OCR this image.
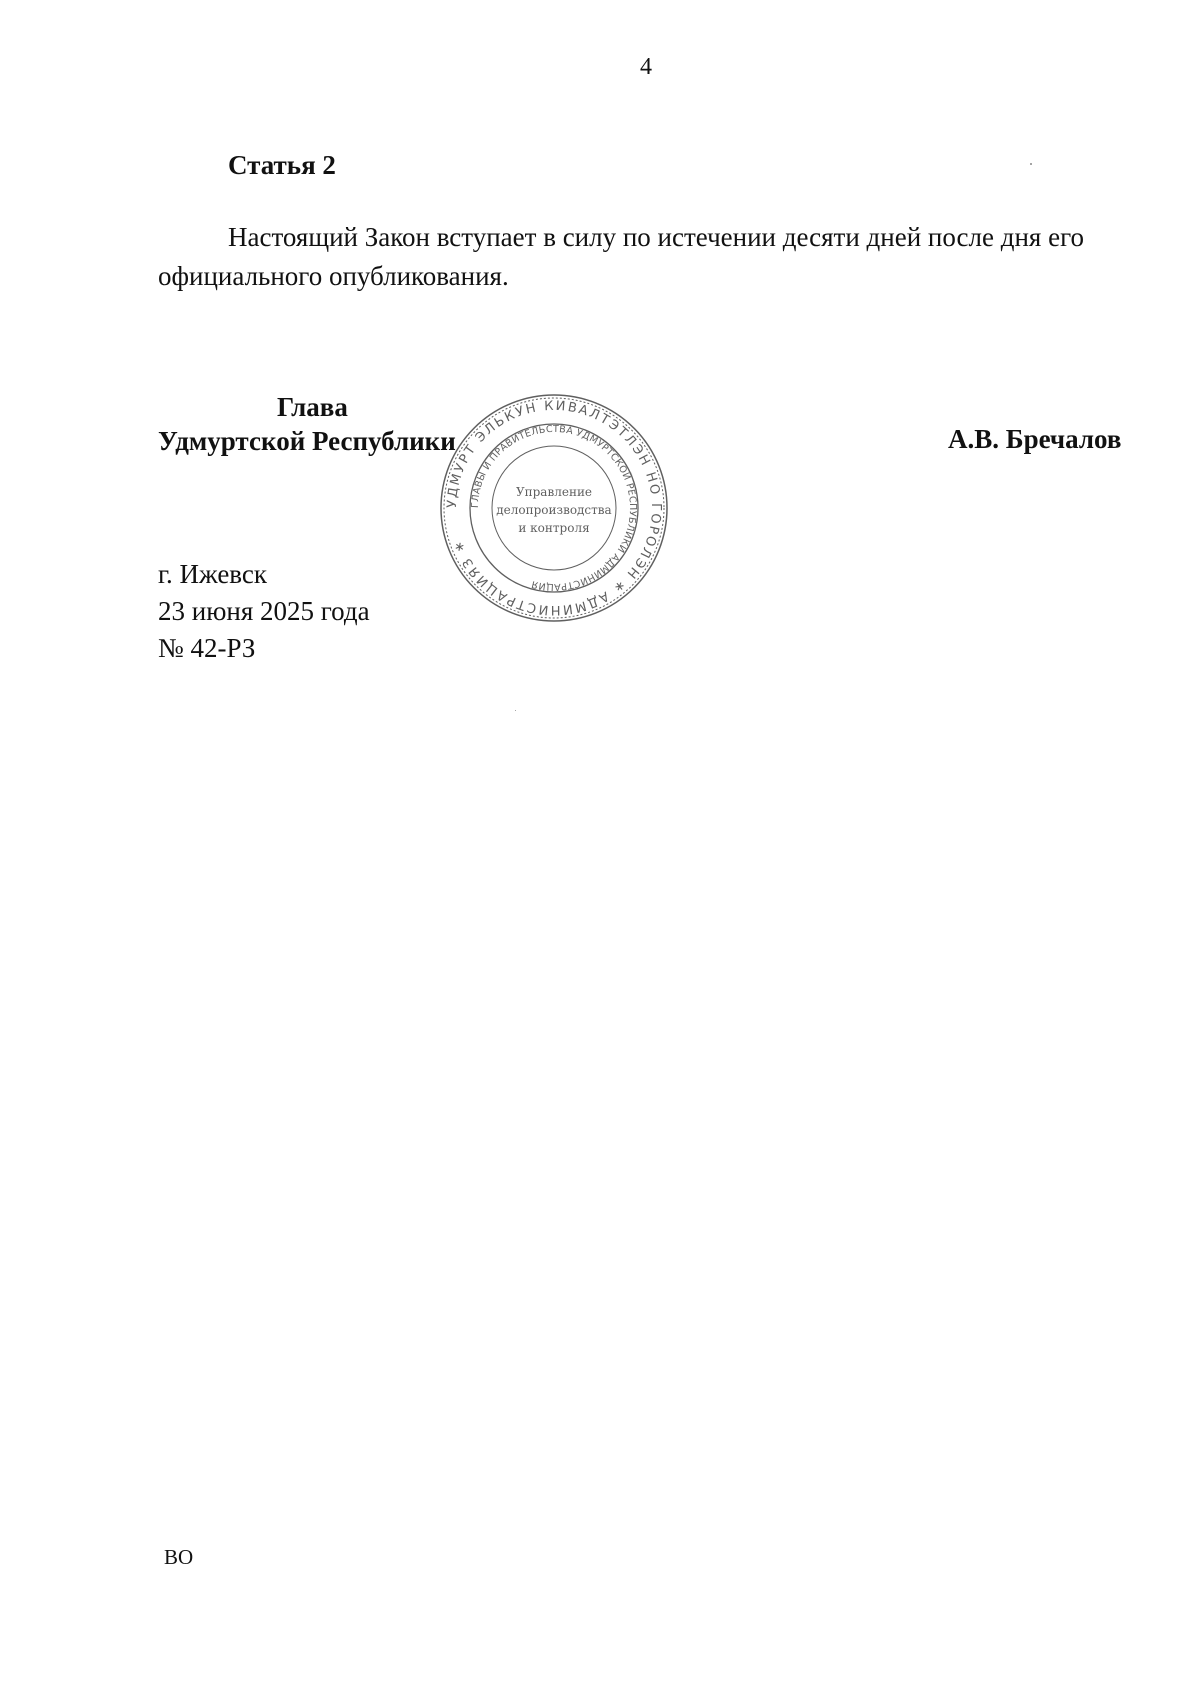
4
Статья 2
Настоящий Закон вступает в силу по истечении десяти дней после дня его
официального опубликования.
Глава
Удмуртской Республики	А.В. Бречалов
УДМУРТ ЭЛЬКУН КИВАЛТЭТЛЭН НО ГОРОЛЭН ∗ АДМИНИСТРАЦИЯЗ ∗
ГЛАВЫ И ПРАВИТЕЛЬСТВА УДМУРТСКОЙ РЕСПУБЛИКИ АДМИНИСТРАЦИЯ
Управление
делопроизводства
и контроля
г. Ижевск
23 июня 2025 года
№ 42-РЗ
ВО
